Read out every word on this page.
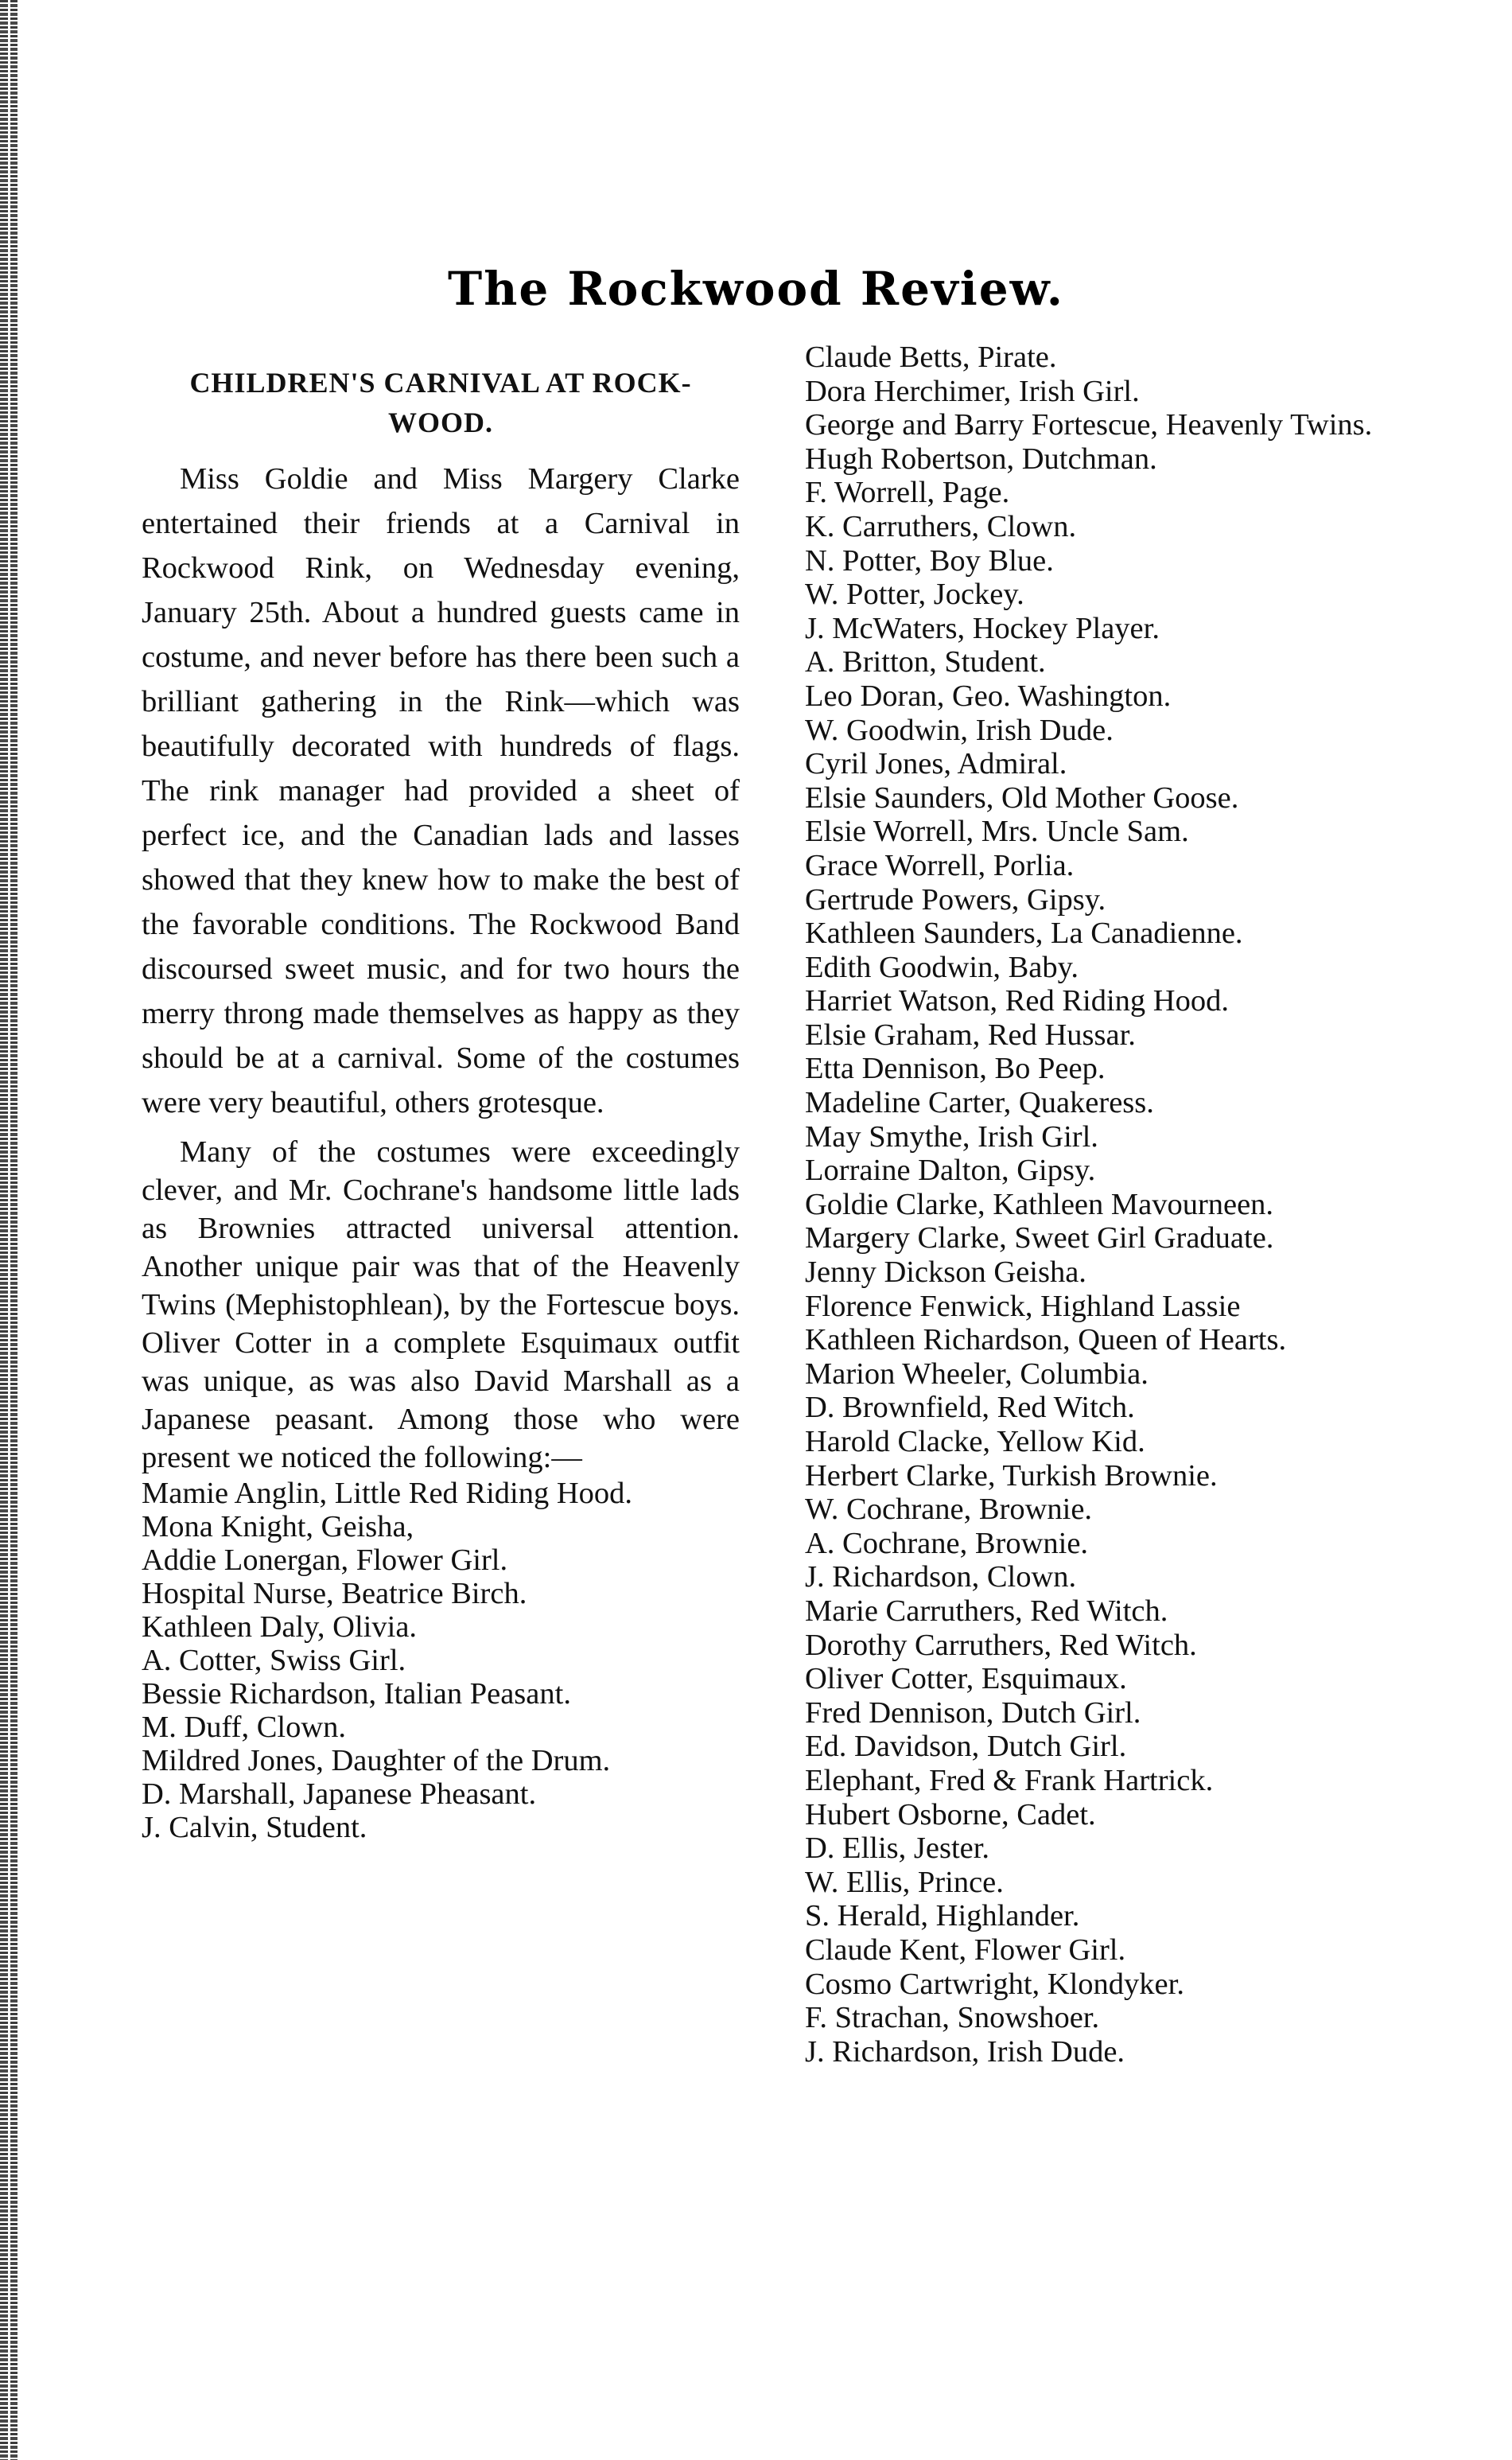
The Rockwood Review.
CHILDREN'S CARNIVAL AT ROCK-WOOD.

Miss Goldie and Miss Margery Clarke entertained their friends at a Carnival in Rockwood Rink, on Wednesday evening, January 25th. About a hundred guests came in costume, and never before has there been such a brilliant gathering in the Rink—which was beautifully decorated with hundreds of flags. The rink manager had provided a sheet of perfect ice, and the Canadian lads and lasses showed that they knew how to make the best of the favorable conditions. The Rockwood Band discoursed sweet music, and for two hours the merry throng made themselves as happy as they should be at a carnival. Some of the costumes were very beautiful, others grotesque.

Many of the costumes were exceedingly clever, and Mr. Cochrane's handsome little lads as Brownies attracted universal attention. Another unique pair was that of the Heavenly Twins (Mephistophlean), by the Fortescue boys. Oliver Cotter in a complete Esquimaux outfit was unique, as was also David Marshall as a Japanese peasant. Among those who were present we noticed the following:—

Mamie Anglin, Little Red Riding Hood.
Mona Knight, Geisha,
Addie Lonergan, Flower Girl.
Hospital Nurse, Beatrice Birch.
Kathleen Daly, Olivia.
A. Cotter, Swiss Girl.
Bessie Richardson, Italian Peasant.
M. Duff, Clown.
Mildred Jones, Daughter of the Drum.
D. Marshall, Japanese Pheasant.
J. Calvin, Student.
Claude Betts, Pirate.
Dora Herchimer, Irish Girl.
George and Barry Fortescue, Heavenly Twins.
Hugh Robertson, Dutchman.
F. Worrell, Page.
K. Carruthers, Clown.
N. Potter, Boy Blue.
W. Potter, Jockey.
J. McWaters, Hockey Player.
A. Britton, Student.
Leo Doran, Geo. Washington.
W. Goodwin, Irish Dude.
Cyril Jones, Admiral.
Elsie Saunders, Old Mother Goose.
Elsie Worrell, Mrs. Uncle Sam.
Grace Worrell, Porlia.
Gertrude Powers, Gipsy.
Kathleen Saunders, La Canadienne.
Edith Goodwin, Baby.
Harriet Watson, Red Riding Hood.
Elsie Graham, Red Hussar.
Etta Dennison, Bo Peep.
Madeline Carter, Quakeress.
May Smythe, Irish Girl.
Lorraine Dalton, Gipsy.
Goldie Clarke, Kathleen Mavourneen.
Margery Clarke, Sweet Girl Graduate.
Jenny Dickson Geisha.
Florence Fenwick, Highland Lassie
Kathleen Richardson, Queen of Hearts.
Marion Wheeler, Columbia.
D. Brownfield, Red Witch.
Harold Clacke, Yellow Kid.
Herbert Clarke, Turkish Brownie.
W. Cochrane, Brownie.
A. Cochrane, Brownie.
J. Richardson, Clown.
Marie Carruthers, Red Witch.
Dorothy Carruthers, Red Witch.
Oliver Cotter, Esquimaux.
Fred Dennison, Dutch Girl.
Ed. Davidson, Dutch Girl.
Elephant, Fred & Frank Hartrick.
Hubert Osborne, Cadet.
D. Ellis, Jester.
W. Ellis, Prince.
S. Herald, Highlander.
Claude Kent, Flower Girl.
Cosmo Cartwright, Klondyker.
F. Strachan, Snowshoer.
J. Richardson, Irish Dude.
